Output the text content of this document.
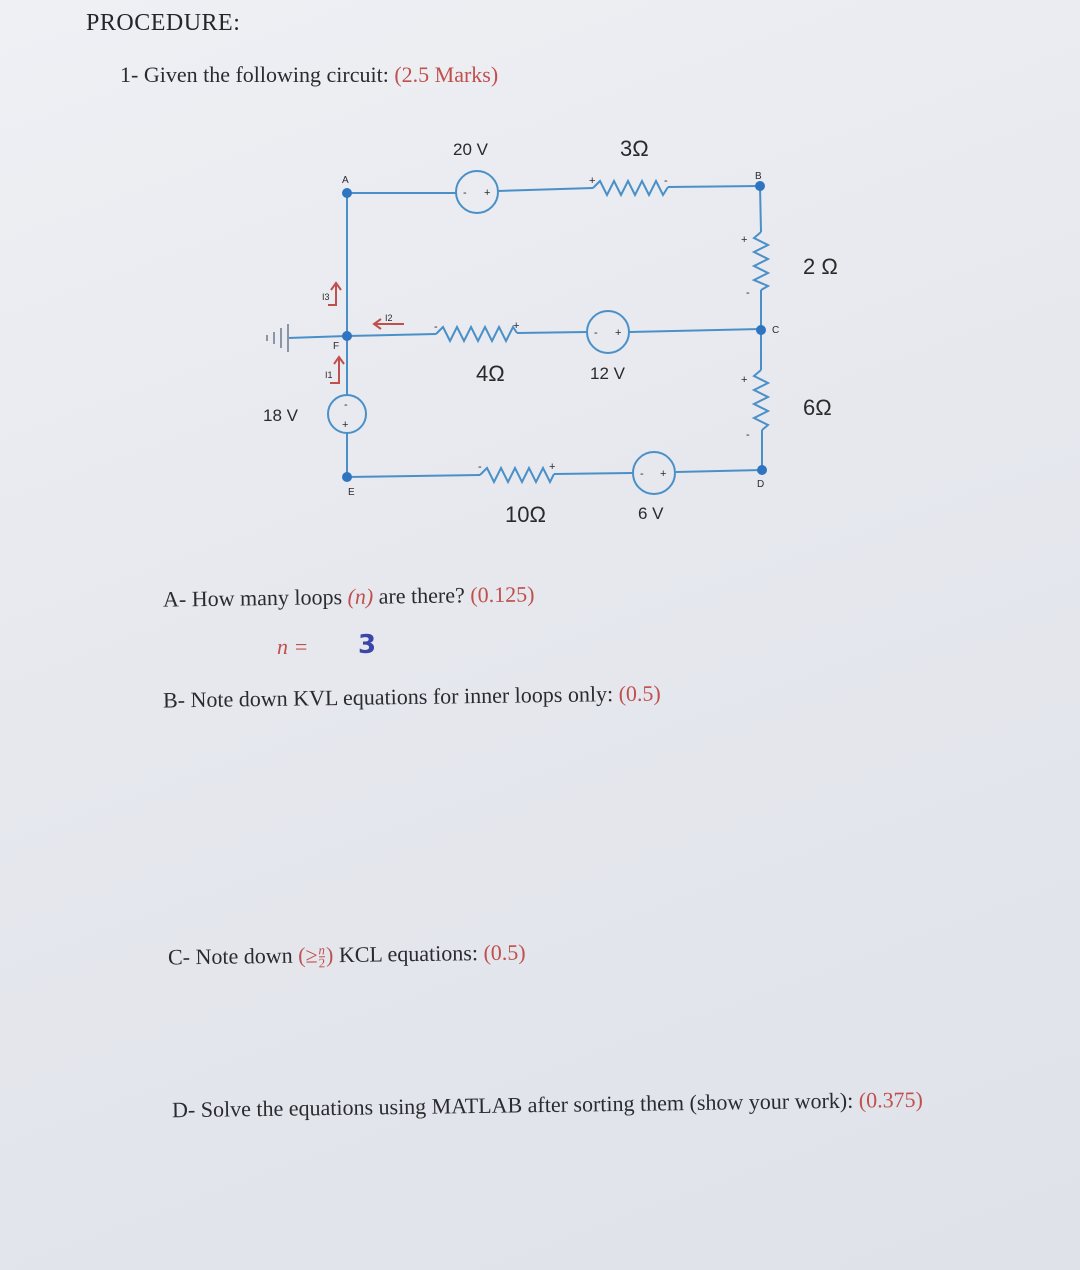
PROCEDURE:
1- Given the following circuit: (2.5 Marks)
I3
I1
I2
- +
- +
- +
-
+
+	-
+
-
+
-
+
-
+
-
A	B
C
D
E
F
20 V	3Ω
4Ω	12 V
2 Ω
6Ω
18 V
10Ω	6 V
A- How many loops (n) are there? (0.125)
n = 3
B- Note down KVL equations for inner loops only: (0.5)
C- Note down (≥ $\frac{n}{2}$ ) KCL equations: (0.5)
D- Solve the equations using MATLAB after sorting them (show your work): (0.375)
